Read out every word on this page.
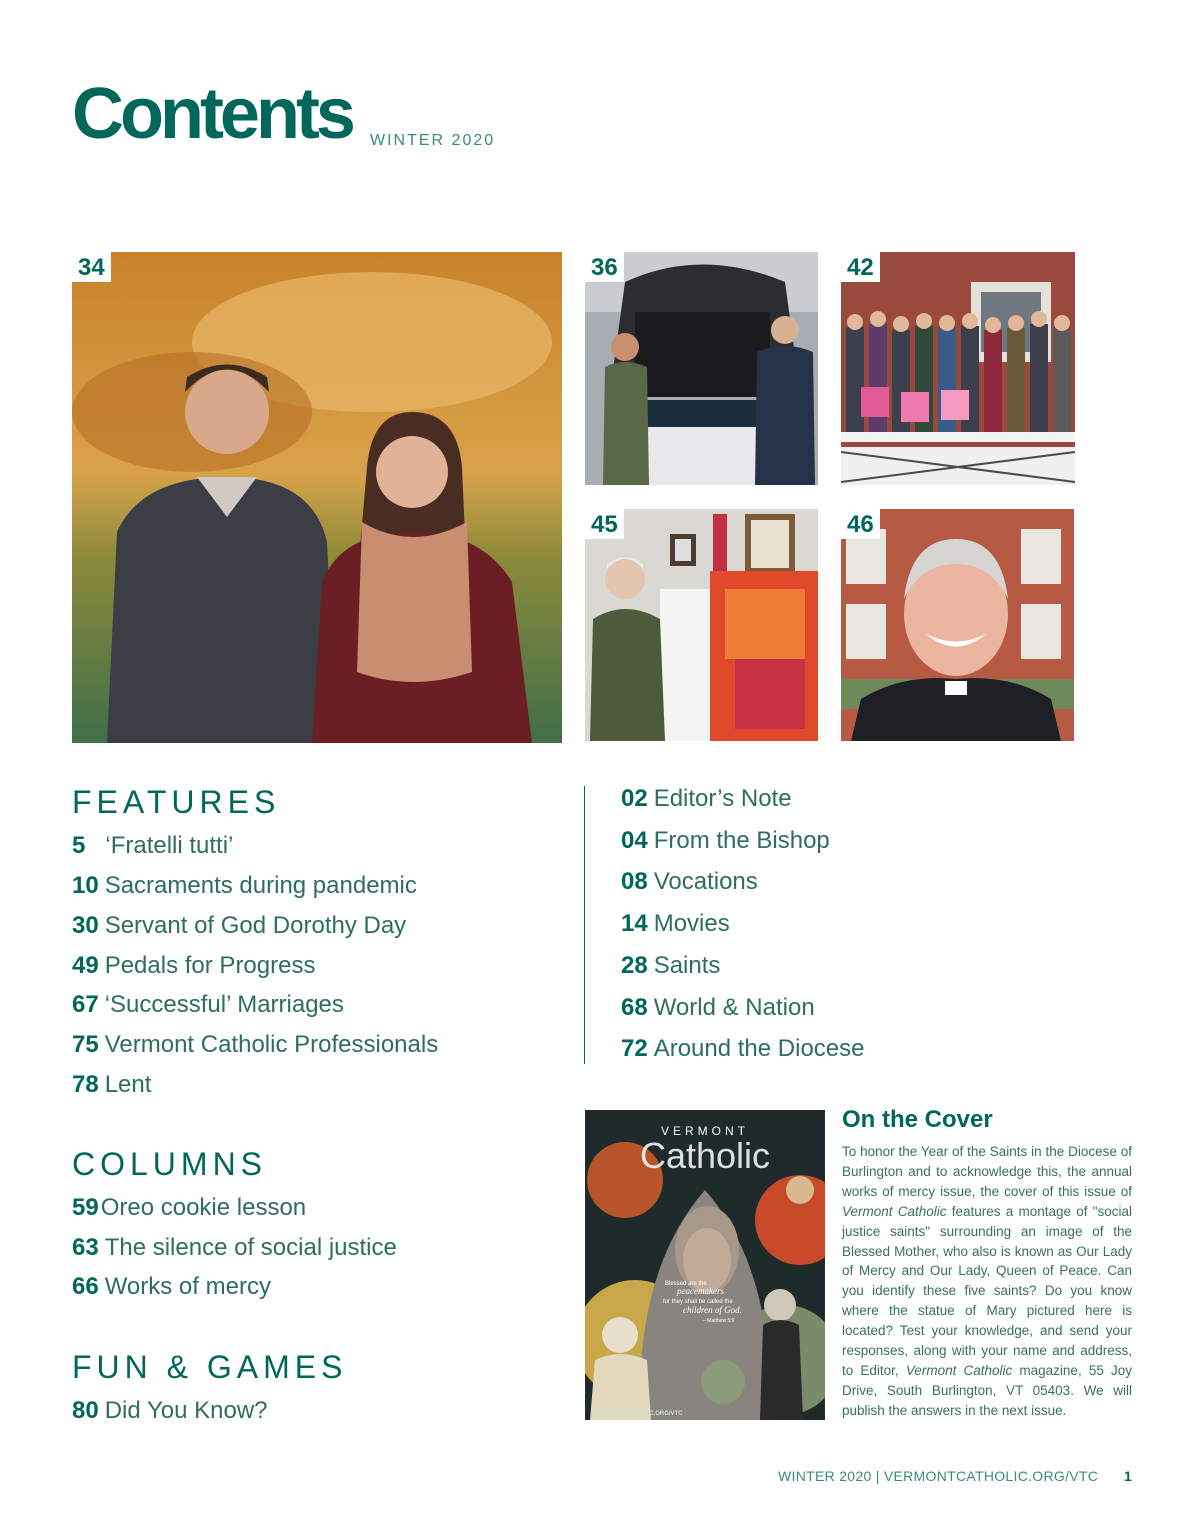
Contents WINTER 2020
34	36	42
45	46
FEATURES
5 ‘Fratelli tutti’
10 Sacraments during pandemic
30 Servant of God Dorothy Day
49 Pedals for Progress
67 ‘Successful’ Marriages
75 Vermont Catholic Professionals
78 Lent
COLUMNS
59Oreo cookie lesson
63 The silence of social justice
66 Works of mercy
FUN & GAMES
80 Did You Know?
02 Editor’s Note
04 From the Bishop
08 Vocations
14 Movies
28 Saints
68 World & Nation
72 Around the Diocese
VERMONT
Catholic
Blessed are the
peacemakers
for they shall be called the
children of God.
– Matthew 5:9
VERMONTCATHOLIC.ORG/VTC
On the Cover
To honor the Year of the Saints in the Diocese of Burlington and to acknowledge this, the annual works of mercy issue, the cover of this issue of Vermont Catholic features a montage of "social justice saints" surrounding an image of the Blessed Mother, who also is known as Our Lady of Mercy and Our Lady, Queen of Peace. Can you identify these five saints? Do you know where the statue of Mary pictured here is located? Test your knowledge, and send your responses, along with your name and address, to Editor, Vermont Catholic magazine, 55 Joy Drive, South Burlington, VT 05403. We will publish the answers in the next issue.
WINTER 2020 | VERMONTCATHOLIC.ORG/VTC 1
